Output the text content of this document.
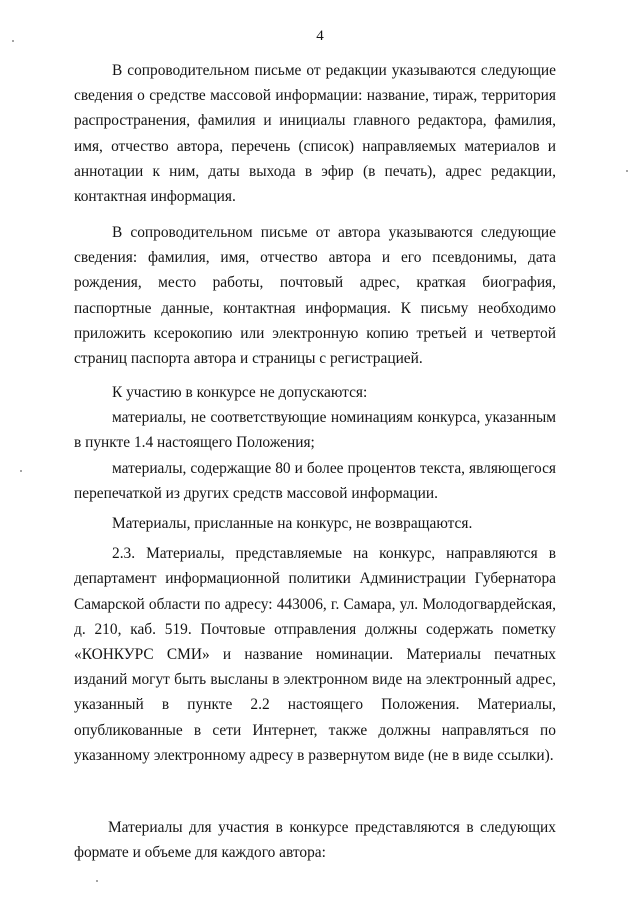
4

В сопроводительном письме от редакции указываются следующие сведения о средстве массовой информации: название, тираж, территория распространения, фамилия и инициалы главного редактора, фамилия, имя, отчество автора, перечень (список) направляемых материалов и аннотации к ним, даты выхода в эфир (в печать), адрес редакции, контактная информация.

В сопроводительном письме от автора указываются следующие сведения: фамилия, имя, отчество автора и его псевдонимы, дата рождения, место работы, почтовый адрес, краткая биография, паспортные данные, контактная информация. К письму необходимо приложить ксерокопию или электронную копию третьей и четвертой страниц паспорта автора и страницы с регистрацией.

К участию в конкурсе не допускаются:

материалы, не соответствующие номинациям конкурса, указанным в пункте 1.4 настоящего Положения;

материалы, содержащие 80 и более процентов текста, являющегося перепечаткой из других средств массовой информации.

Материалы, присланные на конкурс, не возвращаются.

2.3. Материалы, представляемые на конкурс, направляются в департамент информационной политики Администрации Губернатора Самарской области по адресу: 443006, г. Самара, ул. Молодогвардейская, д. 210, каб. 519. Почтовые отправления должны содержать пометку «КОНКУРС СМИ» и название номинации. Материалы печатных изданий могут быть высланы в электронном виде на электронный адрес, указанный в пункте 2.2 настоящего Положения. Материалы, опубликованные в сети Интернет, также должны направляться по указанному электронному адресу в развернутом виде (не в виде ссылки).

Материалы для участия в конкурсе представляются в следующих формате и объеме для каждого автора:
